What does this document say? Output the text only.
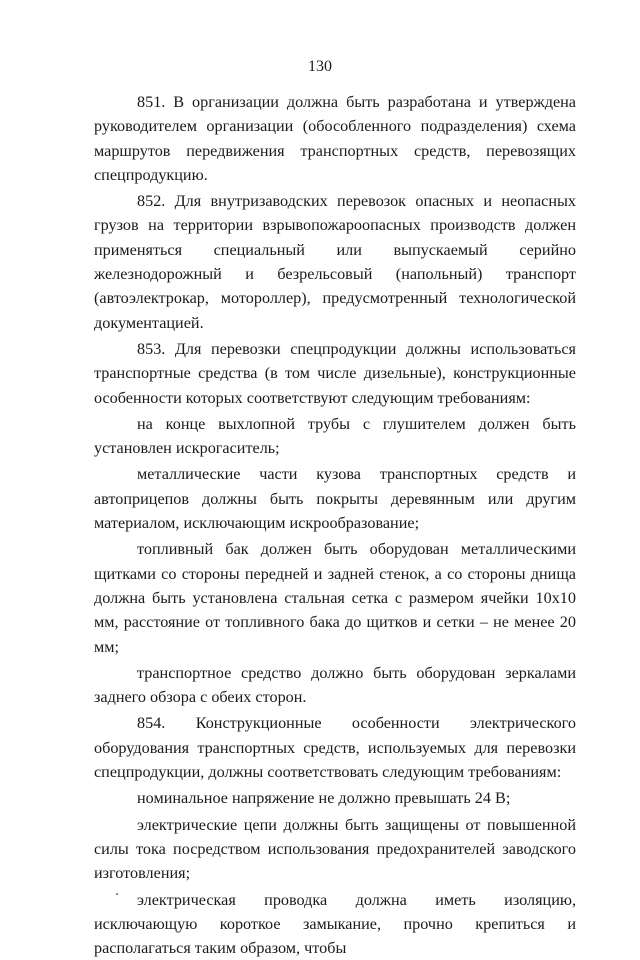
130

851. В организации должна быть разработана и утверждена руководителем организации (обособленного подразделения) схема маршрутов передвижения транспортных средств, перевозящих спецпродукцию.

852. Для внутризаводских перевозок опасных и неопасных грузов на территории взрывопожароопасных производств должен применяться специальный или выпускаемый серийно железнодорожный и безрельсовый (напольный) транспорт (автоэлектрокар, мотороллер), предусмотренный технологической документацией.

853. Для перевозки спецпродукции должны использоваться транспортные средства (в том числе дизельные), конструкционные особенности которых соответствуют следующим требованиям:

на конце выхлопной трубы с глушителем должен быть установлен искрогаситель;

металлические части кузова транспортных средств и автоприцепов должны быть покрыты деревянным или другим материалом, исключающим искрообразование;

топливный бак должен быть оборудован металлическими щитками со стороны передней и задней стенок, а со стороны днища должна быть установлена стальная сетка с размером ячейки 10x10 мм, расстояние от топливного бака до щитков и сетки – не менее 20 мм;

транспортное средство должно быть оборудован зеркалами заднего обзора с обеих сторон.

854. Конструкционные особенности электрического оборудования транспортных средств, используемых для перевозки спецпродукции, должны соответствовать следующим требованиям:

номинальное напряжение не должно превышать 24 В;

электрические цепи должны быть защищены от повышенной силы тока посредством использования предохранителей заводского изготовления;

электрическая проводка должна иметь изоляцию, исключающую короткое замыкание, прочно крепиться и располагаться таким образом, чтобы
